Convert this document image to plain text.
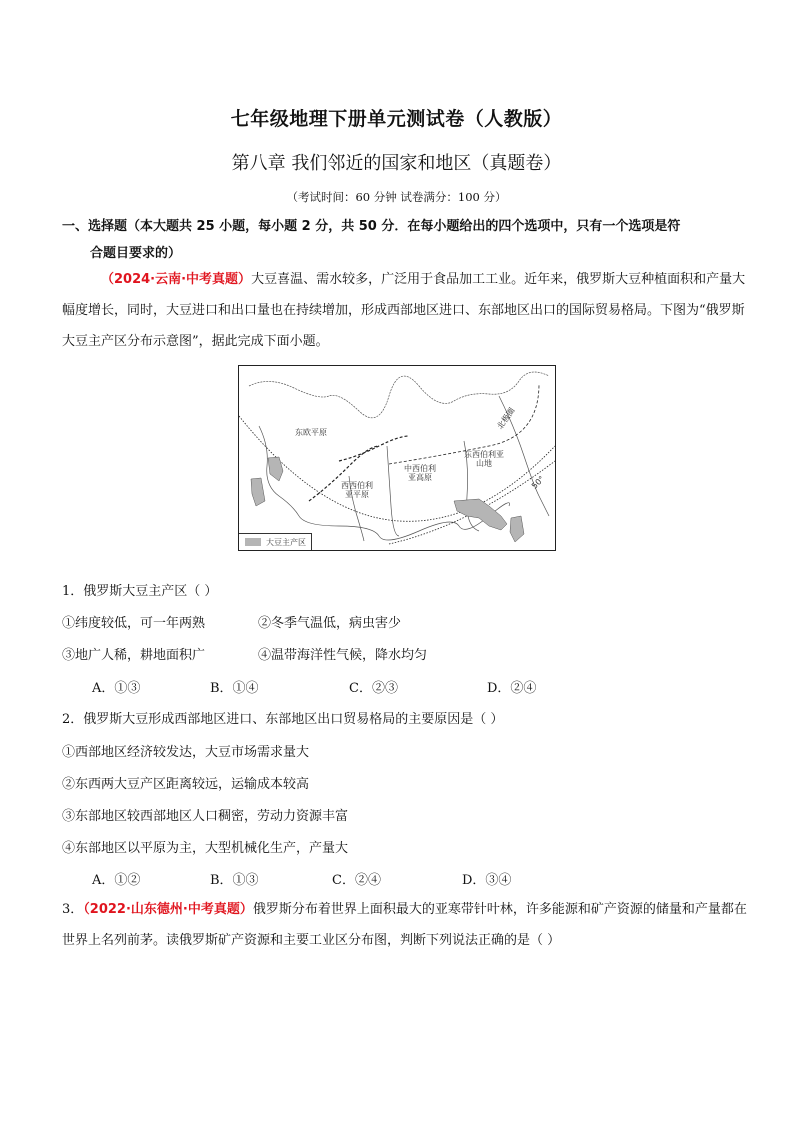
七年级地理下册单元测试卷（人教版）
第八章 我们邻近的国家和地区（真题卷）
（考试时间：60 分钟 试卷满分：100 分）
一、选择题（本大题共 25 小题，每小题 2 分，共 50 分．在每小题给出的四个选项中，只有一个选项是符
合题目要求的）
（2024·云南·中考真题）大豆喜温、需水较多，广泛用于食品加工工业。近年来，俄罗斯大豆种植面积和产量大幅度增长，同时，大豆进口和出口量也在持续增加，形成西部地区进口、东部地区出口的国际贸易格局。下图为“俄罗斯大豆主产区分布示意图”，据此完成下面小题。
东欧平原
西西伯利亚平原
中西伯利亚高原
东西伯利亚山地
北极圈
50°
大豆主产区
1．俄罗斯大豆主产区（ ）
①纬度较低，可一年两熟	②冬季气温低，病虫害少
③地广人稀，耕地面积广	④温带海洋性气候，降水均匀
A．①③	B．①④	C．②③	D．②④
2．俄罗斯大豆形成西部地区进口、东部地区出口贸易格局的主要原因是（ ）
①西部地区经济较发达，大豆市场需求量大
②东西两大豆产区距离较远，运输成本较高
③东部地区较西部地区人口稠密，劳动力资源丰富
④东部地区以平原为主，大型机械化生产，产量大
A．①②	B．①③	C．②④	D．③④
3．（2022·山东德州·中考真题）俄罗斯分布着世界上面积最大的亚寒带针叶林，许多能源和矿产资源的储量和产量都在世界上名列前茅。读俄罗斯矿产资源和主要工业区分布图，判断下列说法正确的是（ ）
